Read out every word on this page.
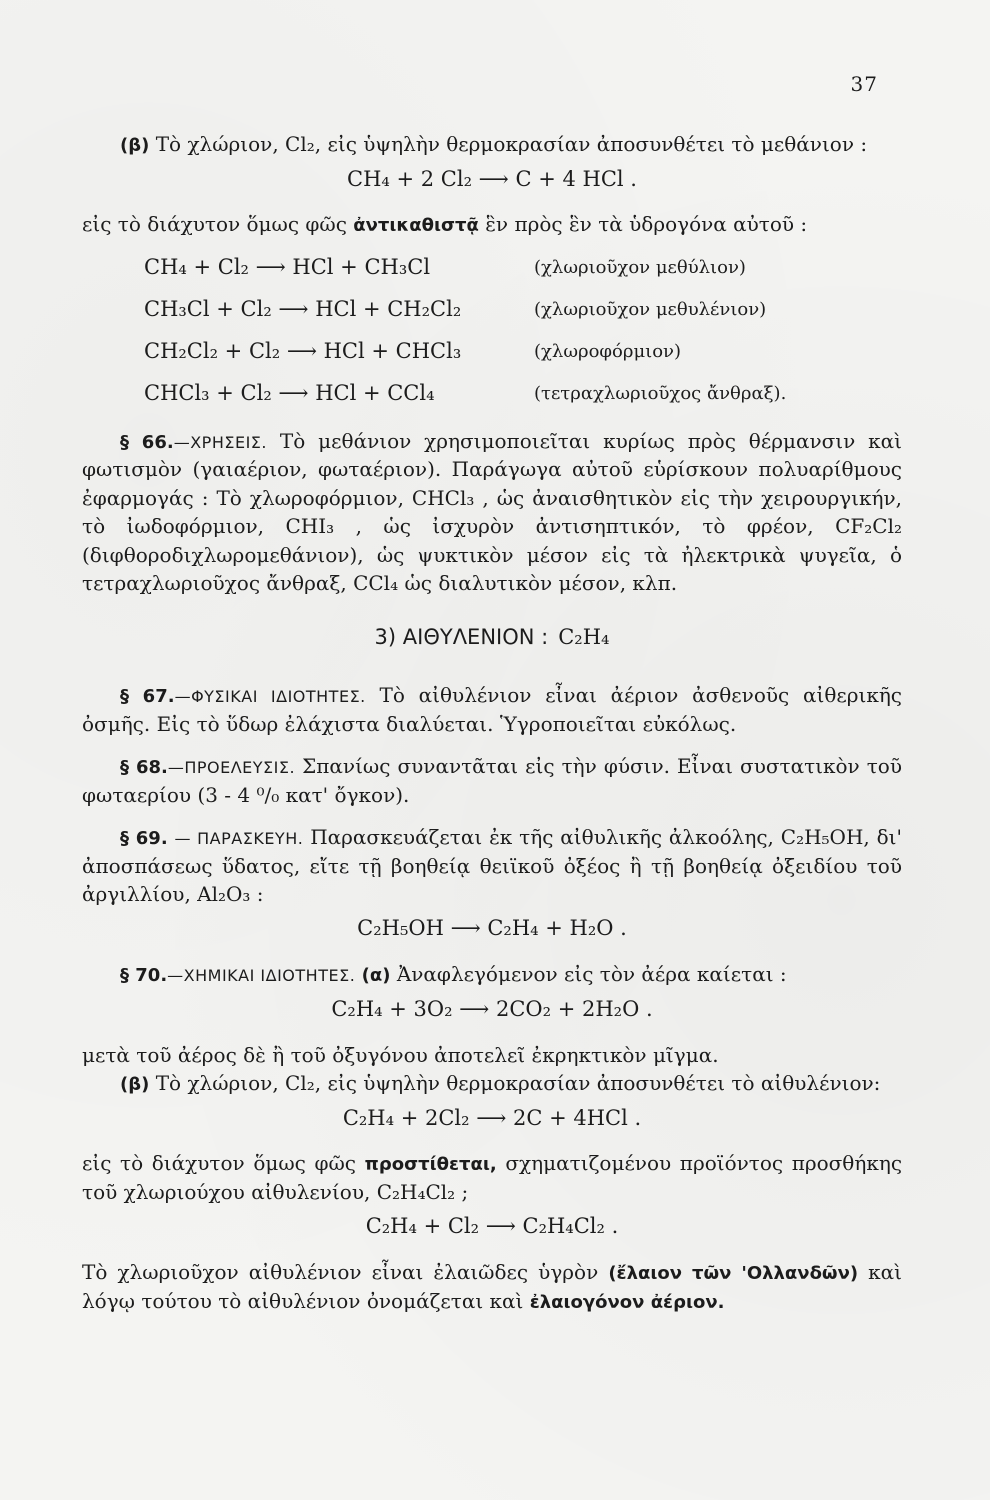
37

(β) Τὸ χλώριον, Cl₂, εἰς ὑψηλὴν θερμοκρασίαν ἀποσυνθέτει τὸ μεθάνιον :

CH₄ + 2 Cl₂ ⟶ C + 4 HCl .

εἰς τὸ διάχυτον ὅμως φῶς ἀντικαθιστᾷ ἓν πρὸς ἓν τὰ ὑδρογόνα αὐτοῦ :

CH₄ + Cl₂ ⟶ HCl + CH₃Cl	(χλωριοῦχον μεθύλιον)
CH₃Cl + Cl₂ ⟶ HCl + CH₂Cl₂	(χλωριοῦχον μεθυλένιον)
CH₂Cl₂ + Cl₂ ⟶ HCl + CHCl₃	(χλωροφόρμιον)
CHCl₃ + Cl₂ ⟶ HCl + CCl₄	(τετραχλωριοῦχος ἄνθραξ).

§ 66.—ΧΡΗΣΕΙΣ. Τὸ μεθάνιον χρησιμοποιεῖται κυρίως πρὸς θέρμανσιν καὶ φωτισμὸν (γαιαέριον, φωταέριον). Παράγωγα αὐτοῦ εὑρίσκουν πολυαρίθμους ἐφαρμογάς : Τὸ χλωροφόρμιον, CHCl₃ , ὡς ἀναισθητικὸν εἰς τὴν χειρουργικήν, τὸ ἰωδοφόρμιον, CHI₃ , ὡς ἰσχυρὸν ἀντισηπτικόν, τὸ φρέον, CF₂Cl₂ (διφθοροδιχλωρομεθάνιον), ὡς ψυκτικὸν μέσον εἰς τὰ ἠλεκτρικὰ ψυγεῖα, ὁ τετραχλωριοῦχος ἄνθραξ, CCl₄ ὡς διαλυτικὸν μέσον, κλπ.

3) ΑΙΘΥΛΕΝΙΟΝ : C₂H₄

§ 67.—ΦΥΣΙΚΑΙ ΙΔΙΟΤΗΤΕΣ. Τὸ αἰθυλένιον εἶναι ἀέριον ἀσθενοῦς αἰθερικῆς ὀσμῆς. Εἰς τὸ ὕδωρ ἐλάχιστα διαλύεται. Ὑγροποιεῖται εὐκόλως.

§ 68.—ΠΡΟΕΛΕΥΣΙΣ. Σπανίως συναντᾶται εἰς τὴν φύσιν. Εἶναι συστατικὸν τοῦ φωταερίου (3 - 4 ⁰/₀ κατ' ὄγκον).

§ 69. — ΠΑΡΑΣΚΕΥΗ. Παρασκευάζεται ἐκ τῆς αἰθυλικῆς ἀλκοόλης, C₂H₅OH, δι' ἀποσπάσεως ὕδατος, εἴτε τῇ βοηθείᾳ θειϊκοῦ ὀξέος ἢ τῇ βοηθείᾳ ὀξειδίου τοῦ ἀργιλλίου, Al₂O₃ :

C₂H₅OH ⟶ C₂H₄ + H₂O .

§ 70.—ΧΗΜΙΚΑΙ ΙΔΙΟΤΗΤΕΣ. (α) Ἀναφλεγόμενον εἰς τὸν ἀέρα καίεται :

C₂H₄ + 3O₂ ⟶ 2CO₂ + 2H₂O .

μετὰ τοῦ ἀέρος δὲ ἢ τοῦ ὀξυγόνου ἀποτελεῖ ἐκρηκτικὸν μῖγμα.

(β) Τὸ χλώριον, Cl₂, εἰς ὑψηλὴν θερμοκρασίαν ἀποσυνθέτει τὸ αἰθυλένιον:

C₂H₄ + 2Cl₂ ⟶ 2C + 4HCl .

εἰς τὸ διάχυτον ὅμως φῶς προστίθεται, σχηματιζομένου προϊόντος προσθήκης τοῦ χλωριούχου αἰθυλενίου, C₂H₄Cl₂ ;

C₂H₄ + Cl₂ ⟶ C₂H₄Cl₂ .

Τὸ χλωριοῦχον αἰθυλένιον εἶναι ἐλαιῶδες ὑγρὸν (ἔλαιον τῶν 'Ολλανδῶν) καὶ λόγῳ τούτου τὸ αἰθυλένιον ὀνομάζεται καὶ ἐλαιογόνον ἀέριον.
